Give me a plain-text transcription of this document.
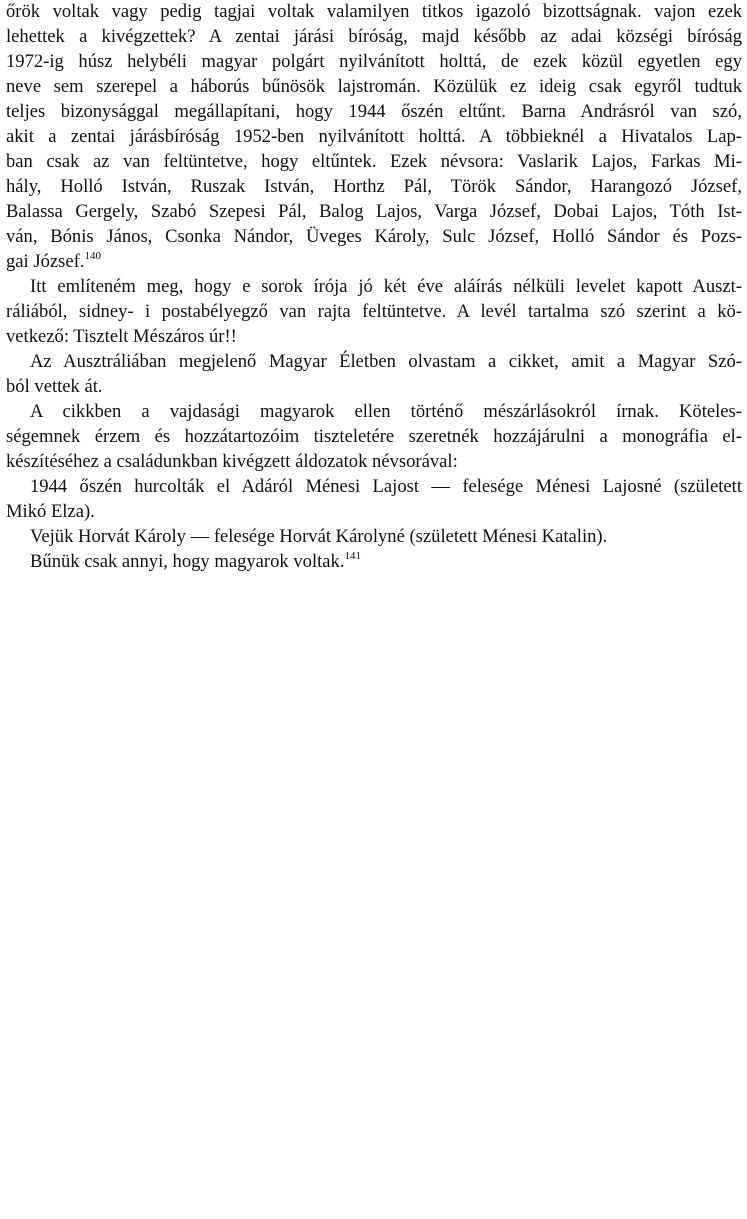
őrök voltak vagy pedig tagjai voltak valamilyen titkos igazoló bizottságnak. vajon ezek
lehettek a kivégzettek? A zentai járási bíróság, majd később az adai községi bíróság
1972-ig húsz helybéli magyar polgárt nyilvánított holttá, de ezek közül egyetlen egy
neve sem szerepel a háborús bűnösök lajstromán. Közülük ez ideig csak egyről tudtuk
teljes bizonysággal megállapítani, hogy 1944 őszén eltűnt. Barna Andrásról van szó,
akit a zentai járásbíróság 1952-ben nyilvánított holttá. A többieknél a Hivatalos Lap-
ban csak az van feltüntetve, hogy eltűntek. Ezek névsora: Vaslarik Lajos, Farkas Mi-
hály, Holló István, Ruszak István, Horthz Pál, Török Sándor, Harangozó József,
Balassa Gergely, Szabó Szepesi Pál, Balog Lajos, Varga József, Dobai Lajos, Tóth Ist-
ván, Bónis János, Csonka Nándor, Üveges Károly, Sulc József, Holló Sándor és Pozs-
gai József.$^{140}$
Itt említeném meg, hogy e sorok írója jó két éve aláírás nélküli levelet kapott Auszt-
ráliából, sidney- i postabélyegző van rajta feltüntetve. A levél tartalma szó szerint a kö-
vetkező: Tisztelt Mészáros úr!!
Az Ausztráliában megjelenő Magyar Életben olvastam a cikket, amit a Magyar Szó-
ból vettek át.
A cikkben a vajdasági magyarok ellen történő mészárlásokról írnak. Köteles-
ségemnek érzem és hozzátartozóim tiszteletére szeretnék hozzájárulni a monográfia el-
készítéséhez a családunkban kivégzett áldozatok névsorával:
1944 őszén hurcolták el Adáról Ménesi Lajost — felesége Ménesi Lajosné (született
Mikó Elza).
Vejük Horvát Károly — felesége Horvát Károlyné (született Ménesi Katalin).
Bűnük csak annyi, hogy magyarok voltak.$^{141}$
